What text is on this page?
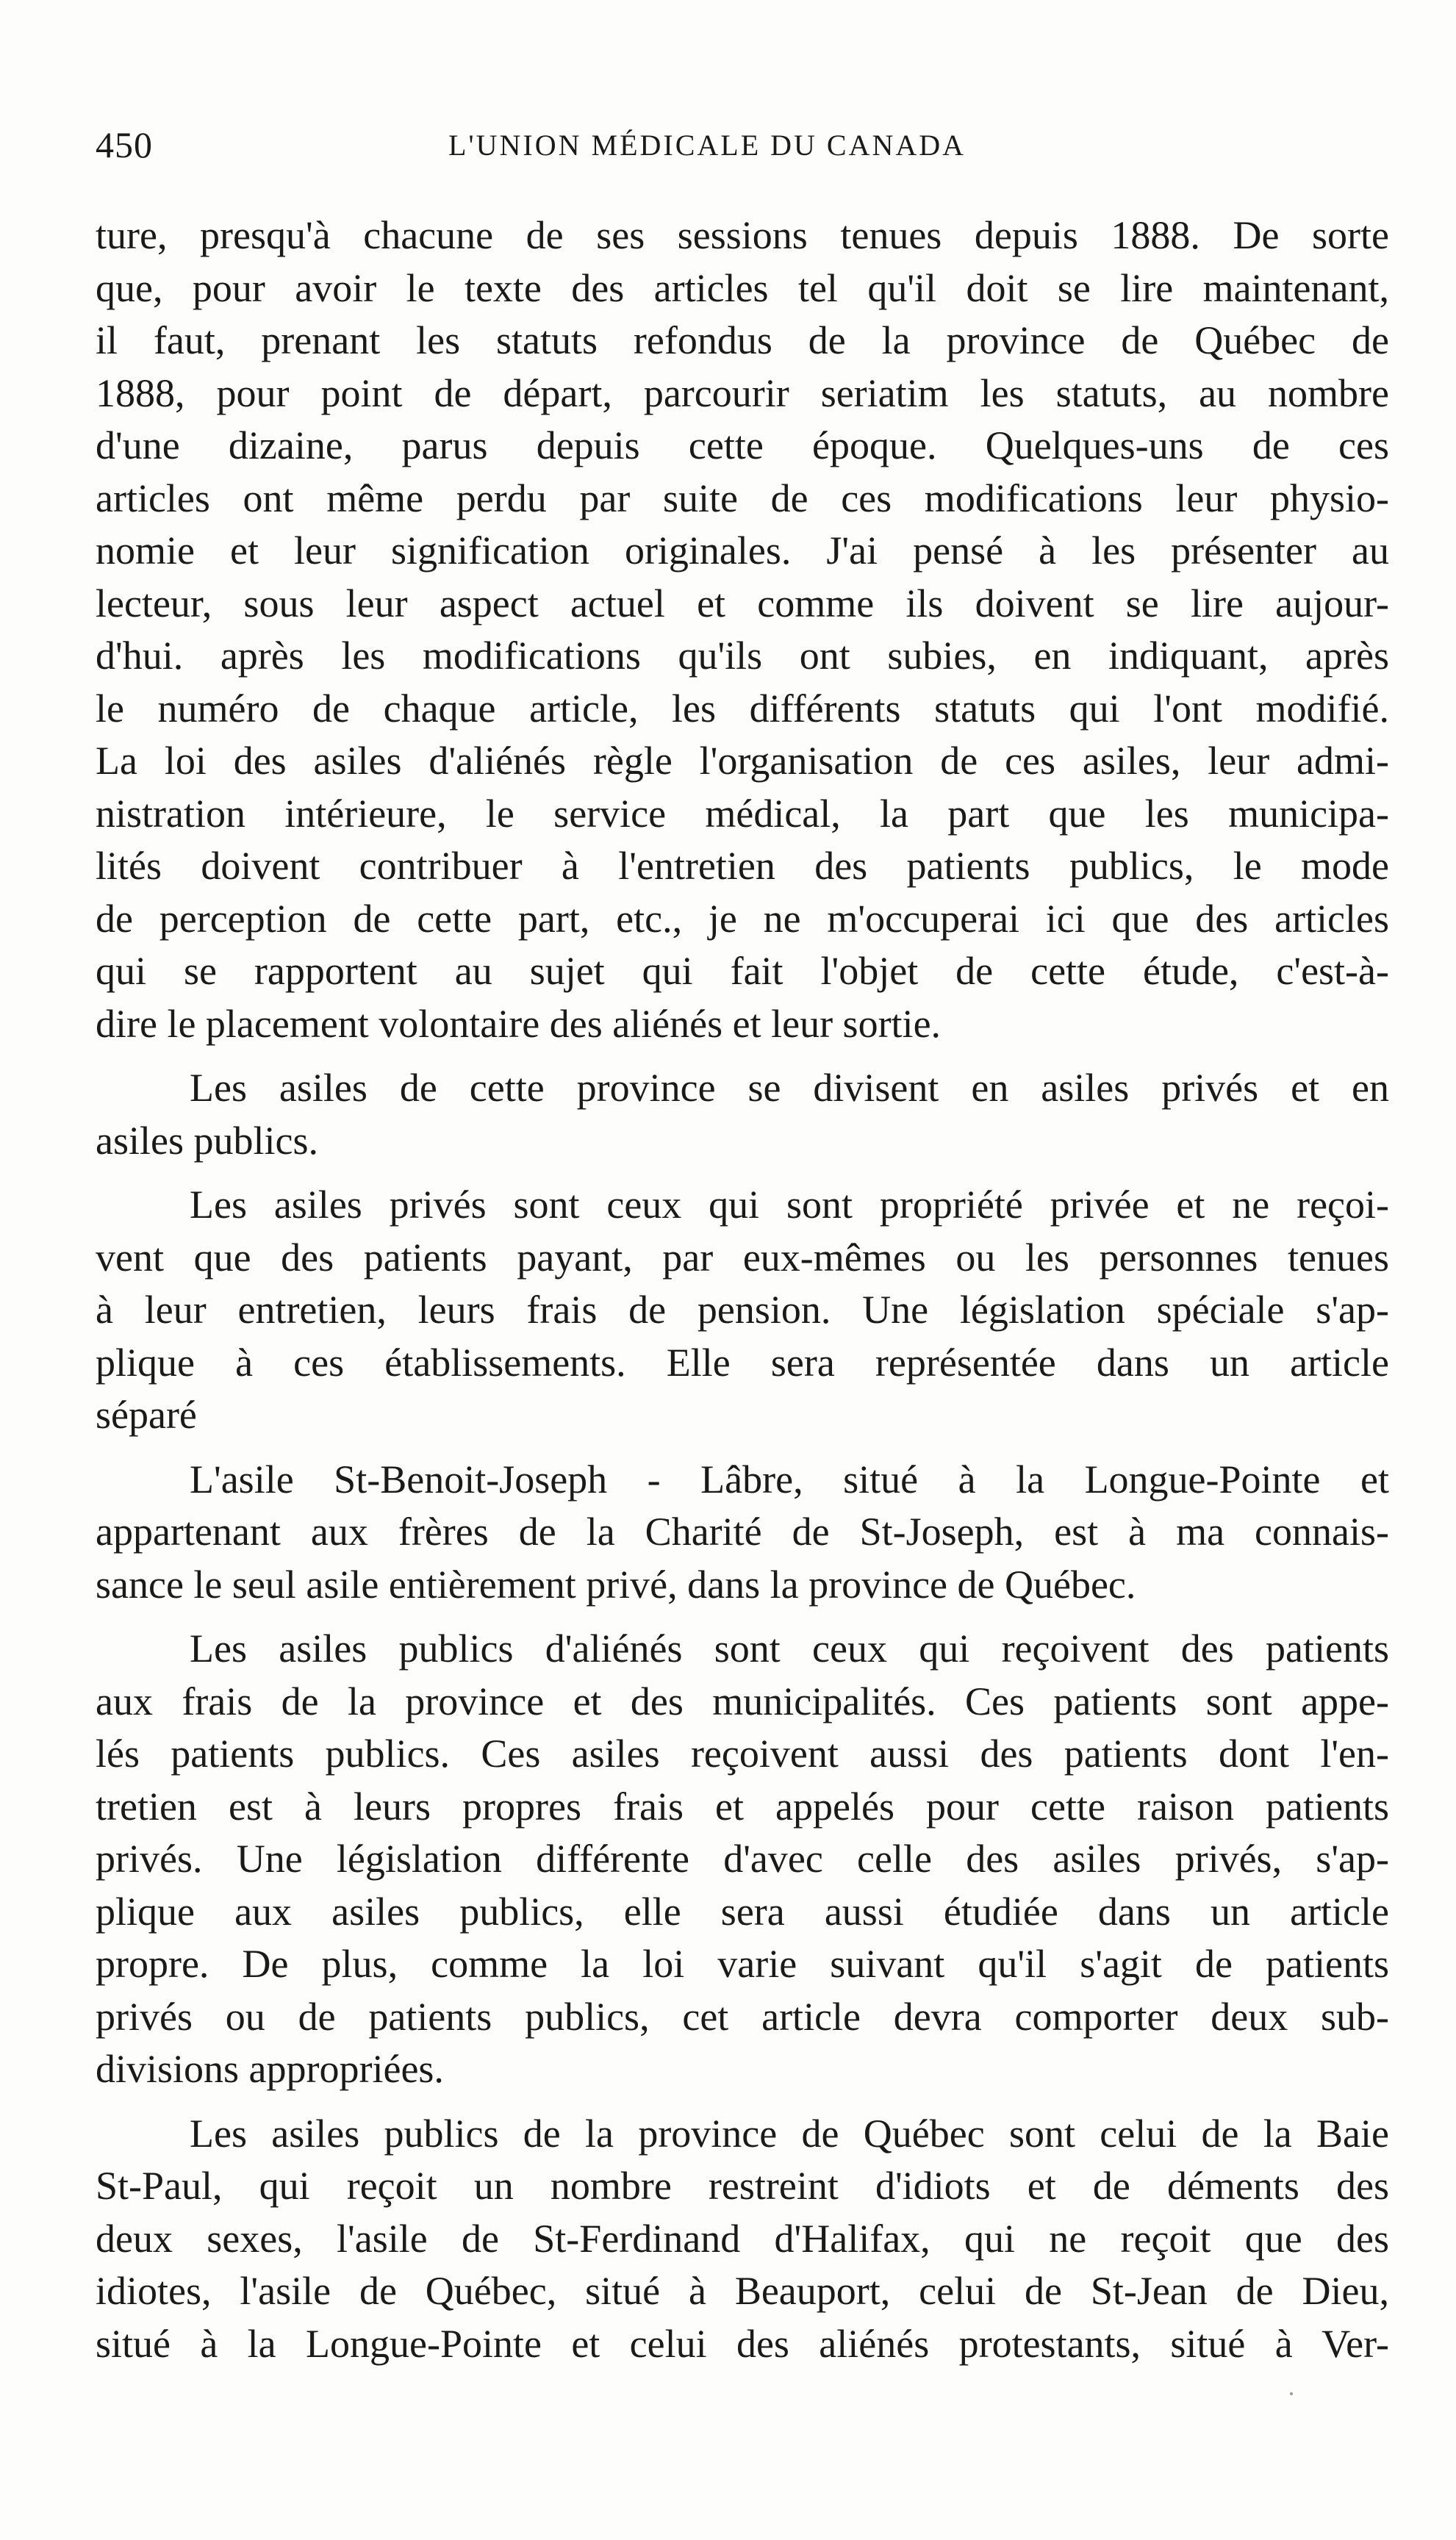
450	L'UNION MÉDICALE DU CANADA

ture, presqu'à chacune de ses sessions tenues depuis 1888. De sorte
que, pour avoir le texte des articles tel qu'il doit se lire maintenant,
il faut, prenant les statuts refondus de la province de Québec de
1888, pour point de départ, parcourir seriatim les statuts, au nombre
d'une dizaine, parus depuis cette époque. Quelques-uns de ces
articles ont même perdu par suite de ces modifications leur physio-
nomie et leur signification originales. J'ai pensé à les présenter au
lecteur, sous leur aspect actuel et comme ils doivent se lire aujour-
d'hui. après les modifications qu'ils ont subies, en indiquant, après
le numéro de chaque article, les différents statuts qui l'ont modifié.
La loi des asiles d'aliénés règle l'organisation de ces asiles, leur admi-
nistration intérieure, le service médical, la part que les municipa-
lités doivent contribuer à l'entretien des patients publics, le mode
de perception de cette part, etc., je ne m'occuperai ici que des articles
qui se rapportent au sujet qui fait l'objet de cette étude, c'est-à-
dire le placement volontaire des aliénés et leur sortie.

Les asiles de cette province se divisent en asiles privés et en
asiles publics.

Les asiles privés sont ceux qui sont propriété privée et ne reçoi-
vent que des patients payant, par eux-mêmes ou les personnes tenues
à leur entretien, leurs frais de pension. Une législation spéciale s'ap-
plique à ces établissements. Elle sera représentée dans un article
séparé

L'asile St-Benoit-Joseph - Lâbre, situé à la Longue-Pointe et
appartenant aux frères de la Charité de St-Joseph, est à ma connais-
sance le seul asile entièrement privé, dans la province de Québec.

Les asiles publics d'aliénés sont ceux qui reçoivent des patients
aux frais de la province et des municipalités. Ces patients sont appe-
lés patients publics. Ces asiles reçoivent aussi des patients dont l'en-
tretien est à leurs propres frais et appelés pour cette raison patients
privés. Une législation différente d'avec celle des asiles privés, s'ap-
plique aux asiles publics, elle sera aussi étudiée dans un article
propre. De plus, comme la loi varie suivant qu'il s'agit de patients
privés ou de patients publics, cet article devra comporter deux sub-
divisions appropriées.

Les asiles publics de la province de Québec sont celui de la Baie
St-Paul, qui reçoit un nombre restreint d'idiots et de déments des
deux sexes, l'asile de St-Ferdinand d'Halifax, qui ne reçoit que des
idiotes, l'asile de Québec, situé à Beauport, celui de St-Jean de Dieu,
situé à la Longue-Pointe et celui des aliénés protestants, situé à Ver-
